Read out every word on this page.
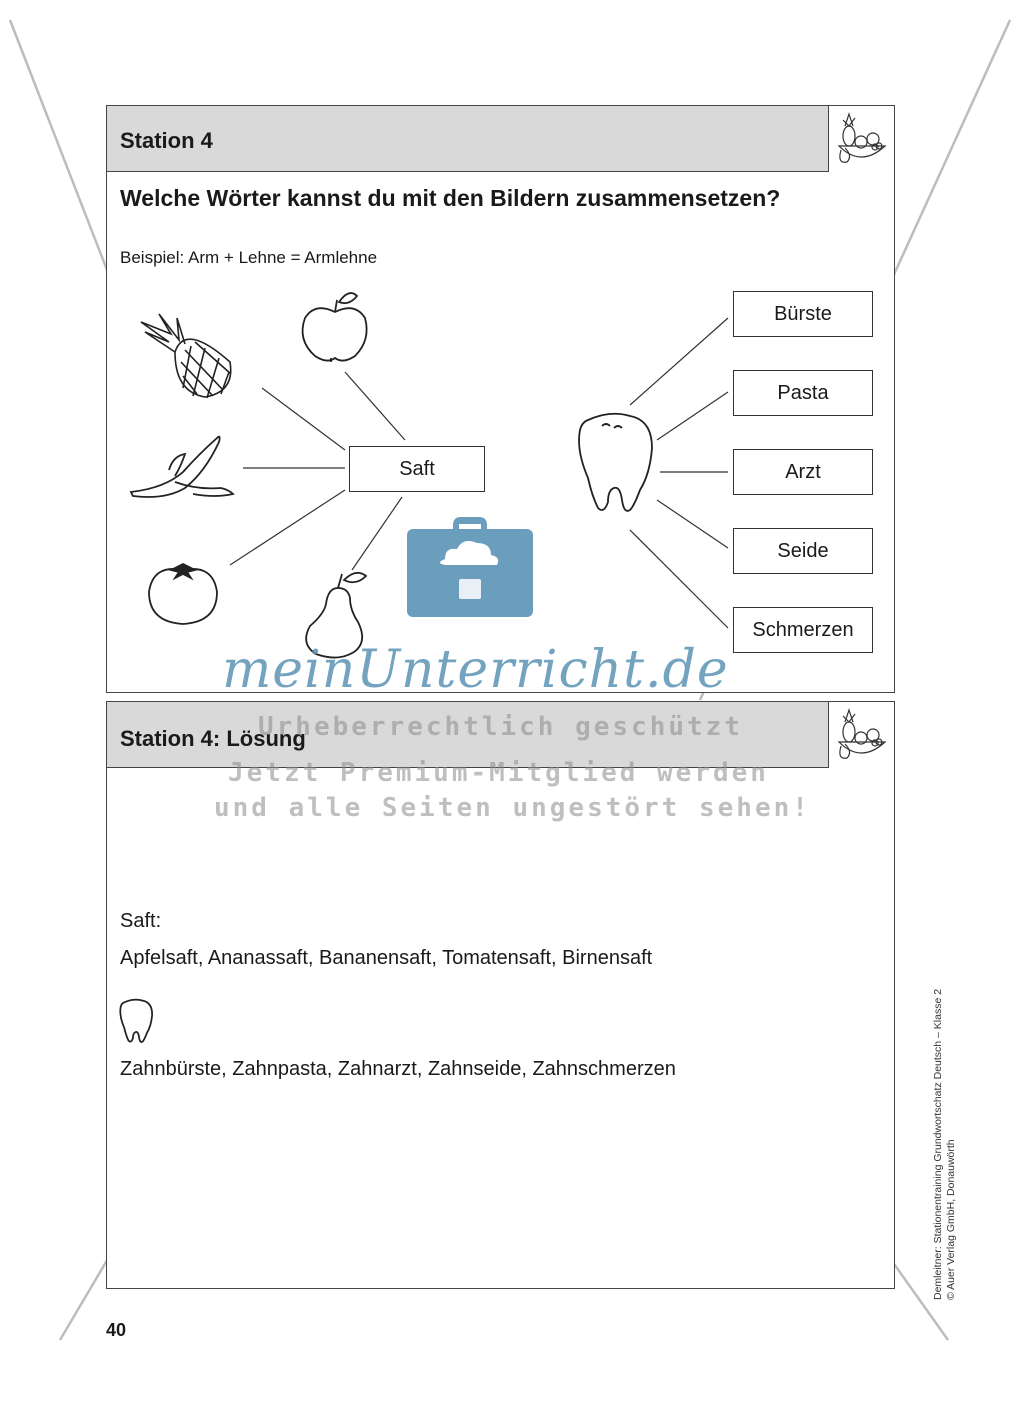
Station 4
Welche Wörter kannst du mit den Bildern zusammensetzen?
Beispiel: Arm + Lehne = Armlehne
Saft
Bürste
Pasta
Arzt
Seide
Schmerzen
Station 4: Lösung
Saft:
Apfelsaft, Ananassaft, Bananensaft, Tomatensaft, Birnensaft
Zahnbürste, Zahnpasta, Zahnarzt, Zahnseide, Zahnschmerzen
meinUnterricht.de
Urheberrechtlich geschützt
Jetzt Premium-Mitglied werden
und alle Seiten ungestört sehen!
40
Demleitner: Stationentraining Grundwortschatz Deutsch – Klasse 2 © Auer Verlag GmbH, Donauwörth
